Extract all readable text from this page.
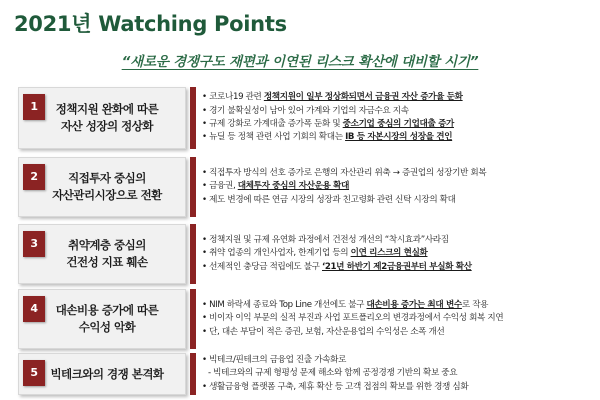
2021년 Watching Points
“새로운 경쟁구도 재편과 이연된 리스크 확산에 대비할 시기”
1	정책지원 완화에 따른
자산 성장의 정상화
• 코로나19 관련 정책지원이 일부 정상화되면서 금융권 자산 증가율 둔화
• 경기 불확실성이 남아 있어 가계와 기업의 자금수요 지속
• 규제 강화로 가계대출 증가폭 둔화 및 중소기업 중심의 기업대출 증가
• 뉴딜 등 정책 관련 사업 기회의 확대는 IB 등 자본시장의 성장을 견인
2	직접투자 중심의
자산관리시장으로 전환
• 직접투자 방식의 선호 증가로 은행의 자산관리 위축 → 증권업의 성장기반 회복
• 금융권, 대체투자 중심의 자산운용 확대
• 제도 변경에 따른 연금 시장의 성장과 친고령화 관련 신탁 시장의 확대
3	취약계층 중심의
건전성 지표 훼손
• 정책지원 및 규제 유연화 과정에서 건전성 개선의 “착시효과”사라짐
• 취약 업종의 개인사업자, 한계기업 등의 이연 리스크의 현실화
• 선제적인 충당금 적립에도 불구 ‘21년 하반기 제2금융권부터 부실화 확산
4	대손비용 증가에 따른
수익성 악화
• NIM 하락세 종료와 Top Line 개선에도 불구 대손비용 증가는 최대 변수로 작용
• 비이자 이익 부문의 실적 부진과 사업 포트폴리오의 변경과정에서 수익성 회복 지연
• 단, 대손 부담이 적은 증권, 보험, 자산운용업의 수익성은 소폭 개선
5	빅테크와의 경쟁 본격화
• 빅테크/핀테크의 금융업 진출 가속화로
- 빅테크와의 규제 형평성 문제 해소와 함께 공정경쟁 기반의 확보 중요
• 생활금융형 플랫폼 구축, 제휴 확산 등 고객 접점의 확보를 위한 경쟁 심화
